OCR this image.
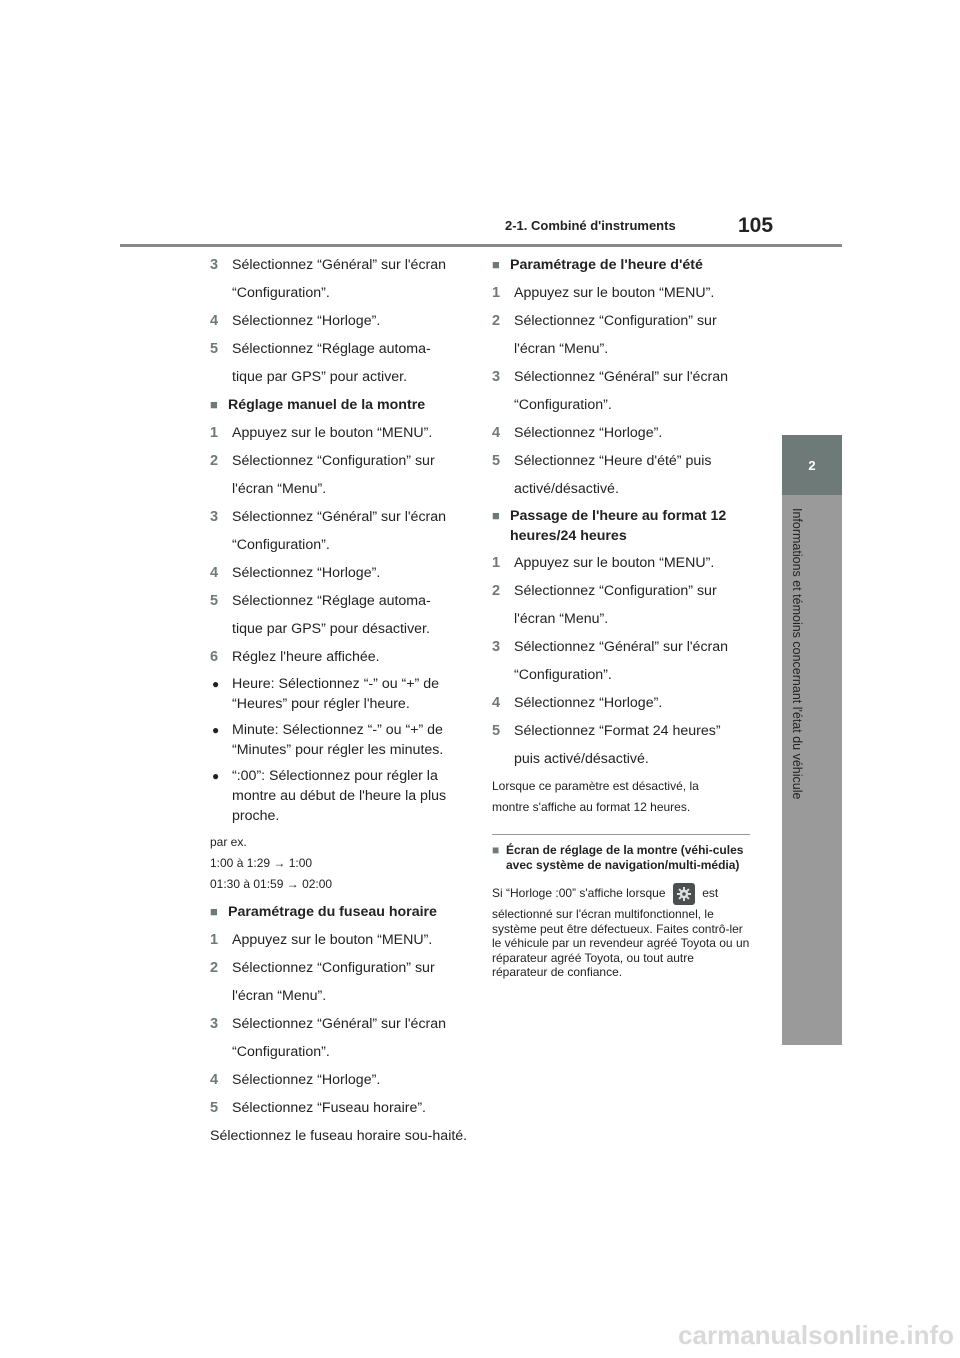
2-1. Combiné d'instruments	105
2
Informations et témoins concernant l'état du véhicule
3 Sélectionnez “Général” sur l'écran
“Configuration”.
4 Sélectionnez “Horloge”.
5 Sélectionnez “Réglage automa-
tique par GPS” pour activer.
■ Réglage manuel de la montre
1 Appuyez sur le bouton “MENU”.
2 Sélectionnez “Configuration” sur
l'écran “Menu”.
3 Sélectionnez “Général” sur l'écran
“Configuration”.
4 Sélectionnez “Horloge”.
5 Sélectionnez “Réglage automa-
tique par GPS” pour désactiver.
6 Réglez l'heure affichée.
● Heure: Sélectionnez “-” ou “+” de “Heures” pour régler l'heure.
● Minute: Sélectionnez “-” ou “+” de “Minutes” pour régler les minutes.
● “:00”: Sélectionnez pour régler la montre au début de l'heure la plus proche.

par ex.

1:00 à 1:29 → 1:00

01:30 à 01:59 → 02:00

■ Paramétrage du fuseau horaire
1 Appuyez sur le bouton “MENU”.
2 Sélectionnez “Configuration” sur
l'écran “Menu”.
3 Sélectionnez “Général” sur l'écran
“Configuration”.
4 Sélectionnez “Horloge”.
5 Sélectionnez “Fuseau horaire”.
Sélectionnez le fuseau horaire sou-haité.
■ Paramétrage de l'heure d'été
1 Appuyez sur le bouton “MENU”.
2 Sélectionnez “Configuration” sur
l'écran “Menu”.
3 Sélectionnez “Général” sur l'écran
“Configuration”.
4 Sélectionnez “Horloge”.
5 Sélectionnez “Heure d'été” puis
activé/désactivé.
■ Passage de l'heure au format 12 heures/24 heures
1 Appuyez sur le bouton “MENU”.
2 Sélectionnez “Configuration” sur
l'écran “Menu”.
3 Sélectionnez “Général” sur l'écran
“Configuration”.
4 Sélectionnez “Horloge”.
5 Sélectionnez “Format 24 heures”
puis activé/désactivé.

Lorsque ce paramètre est désactivé, la

montre s'affiche au format 12 heures.

■ Écran de réglage de la montre (véhi-cules avec système de navigation/multi-média)
Si “Horloge :00” s'affiche lorsque	est
sélectionné sur l'écran multifonctionnel, le système peut être défectueux. Faites contrô-ler le véhicule par un revendeur agréé Toyota ou un réparateur agréé Toyota, ou tout autre réparateur de confiance.
carmanualsonline.info
